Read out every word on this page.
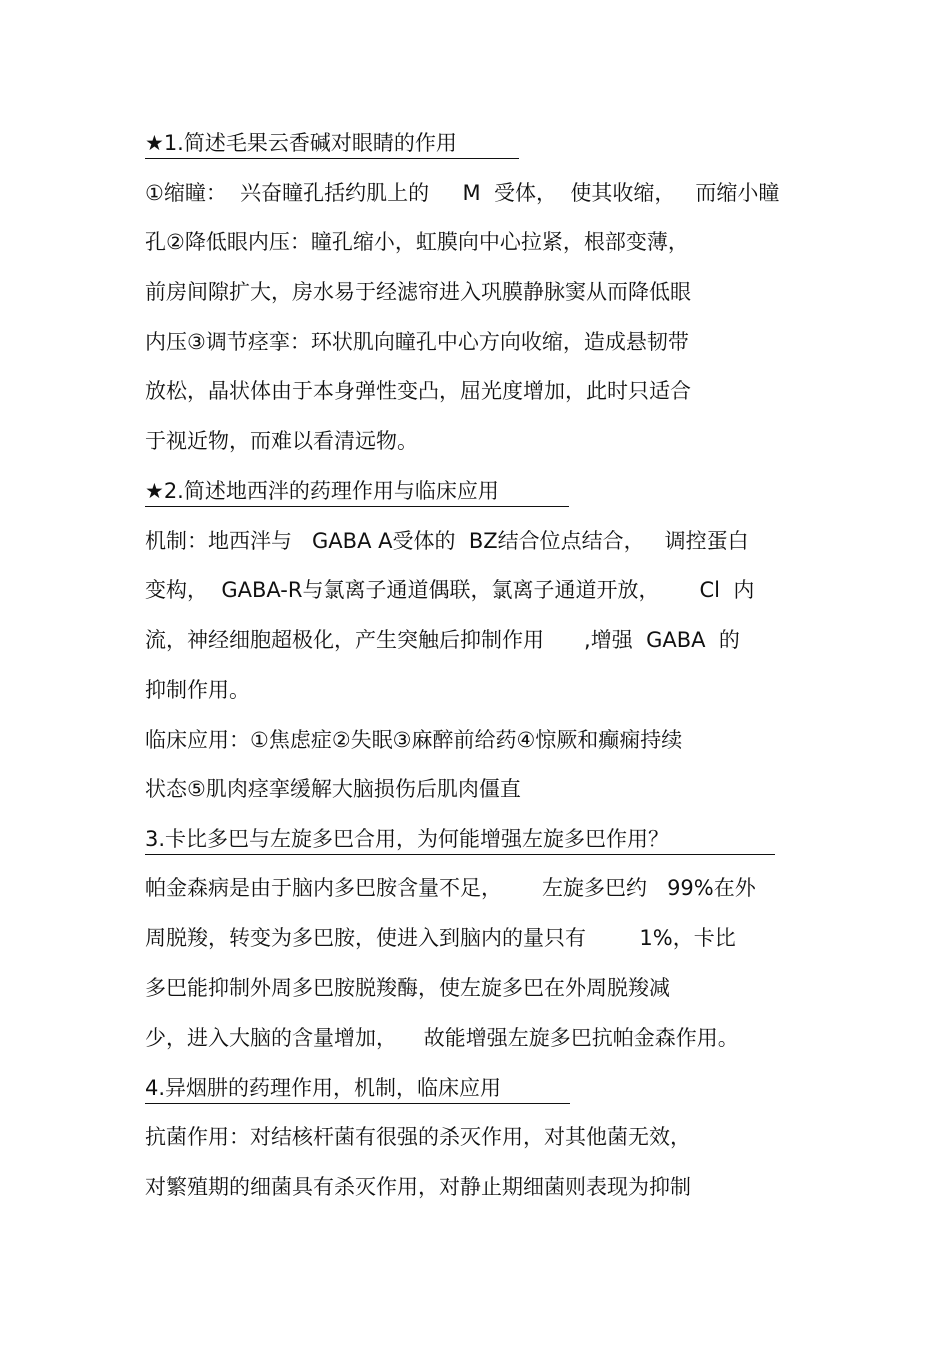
★1.简述毛果云香碱对眼睛的作用
①缩瞳：  兴奋瞳孔括约肌上的     M  受体，  使其收缩，   而缩小瞳
孔②降低眼内压：瞳孔缩小，虹膜向中心拉紧，根部变薄，
前房间隙扩大，房水易于经滤帘进入巩膜静脉窦从而降低眼
内压③调节痉挛：环状肌向瞳孔中心方向收缩，造成悬韧带
放松，晶状体由于本身弹性变凸，屈光度增加，此时只适合
于视近物，而难以看清远物。
★2.简述地西泮的药理作用与临床应用
机制：地西泮与   GABA A受体的  BZ结合位点结合，   调控蛋白
变构，  GABA-R与氯离子通道偶联，氯离子通道开放，      Cl  内
流，神经细胞超极化，产生突触后抑制作用      ,增强  GABA  的
抑制作用。
临床应用：①焦虑症②失眠③麻醉前给药④惊厥和癫痫持续
状态⑤肌肉痉挛缓解大脑损伤后肌肉僵直
3.卡比多巴与左旋多巴合用，为何能增强左旋多巴作用？
帕金森病是由于脑内多巴胺含量不足，      左旋多巴约   99%在外
周脱羧，转变为多巴胺，使进入到脑内的量只有        1%，卡比
多巴能抑制外周多巴胺脱羧酶，使左旋多巴在外周脱羧减
少，进入大脑的含量增加，    故能增强左旋多巴抗帕金森作用。
4.异烟肼的药理作用，机制，临床应用
抗菌作用：对结核杆菌有很强的杀灭作用，对其他菌无效，
对繁殖期的细菌具有杀灭作用，对静止期细菌则表现为抑制
